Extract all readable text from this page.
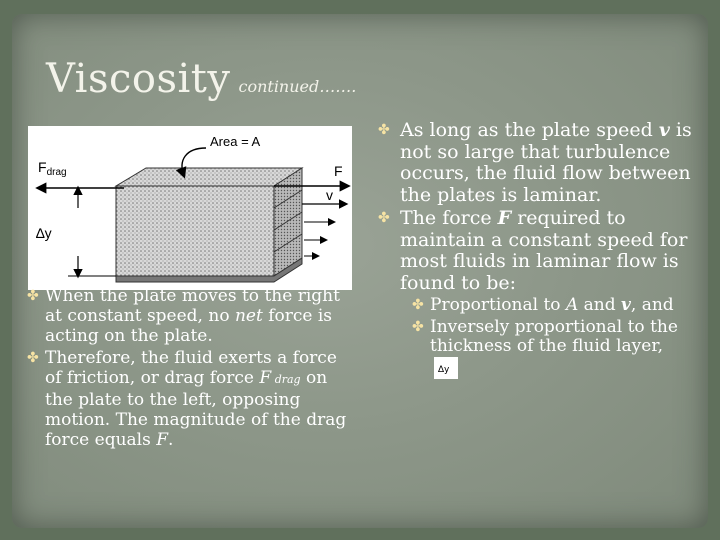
Viscosity continued…….
Area = A
$F_{drag}$	F
v
∆y
✤ When the plate moves to the right at constant speed, no net force is acting on the plate.
✤ Therefore, the fluid exerts a force of friction, or drag force F drag on the plate to the left, opposing motion. The magnitude of the drag force equals F.
✤ As long as the plate speed v is not so large that turbulence occurs, the fluid flow between the plates is laminar.
✤ The force F required to maintain a constant speed for most fluids in laminar flow is found to be:
✤ Proportional to A and v, and
✤ Inversely proportional to the thickness of the fluid layer,
∆y
